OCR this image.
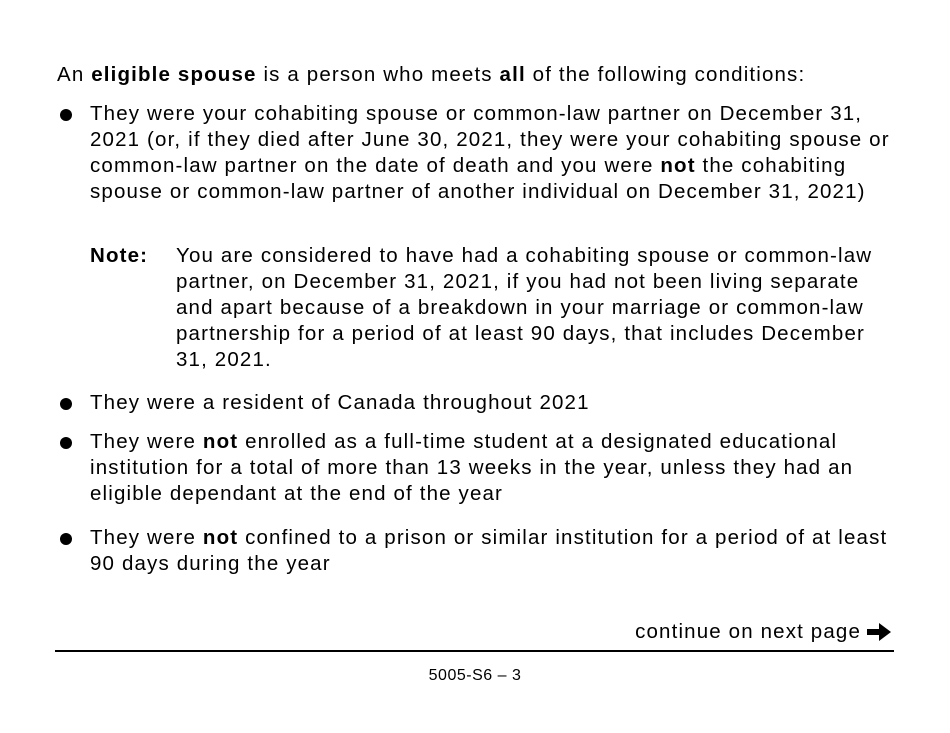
An eligible spouse is a person who meets all of the following conditions:
They were your cohabiting spouse or common-law partner on December 31, 2021 (or, if they died after June 30, 2021, they were your cohabiting spouse or common-law partner on the date of death and you were not the cohabiting spouse or common-law partner of another individual on December 31, 2021)
Note: You are considered to have had a cohabiting spouse or common-law partner, on December 31, 2021, if you had not been living separate and apart because of a breakdown in your marriage or common-law partnership for a period of at least 90 days, that includes December 31, 2021.
They were a resident of Canada throughout 2021
They were not enrolled as a full-time student at a designated educational institution for a total of more than 13 weeks in the year, unless they had an eligible dependant at the end of the year
They were not confined to a prison or similar institution for a period of at least 90 days during the year
continue on next page
5005-S6 – 3
